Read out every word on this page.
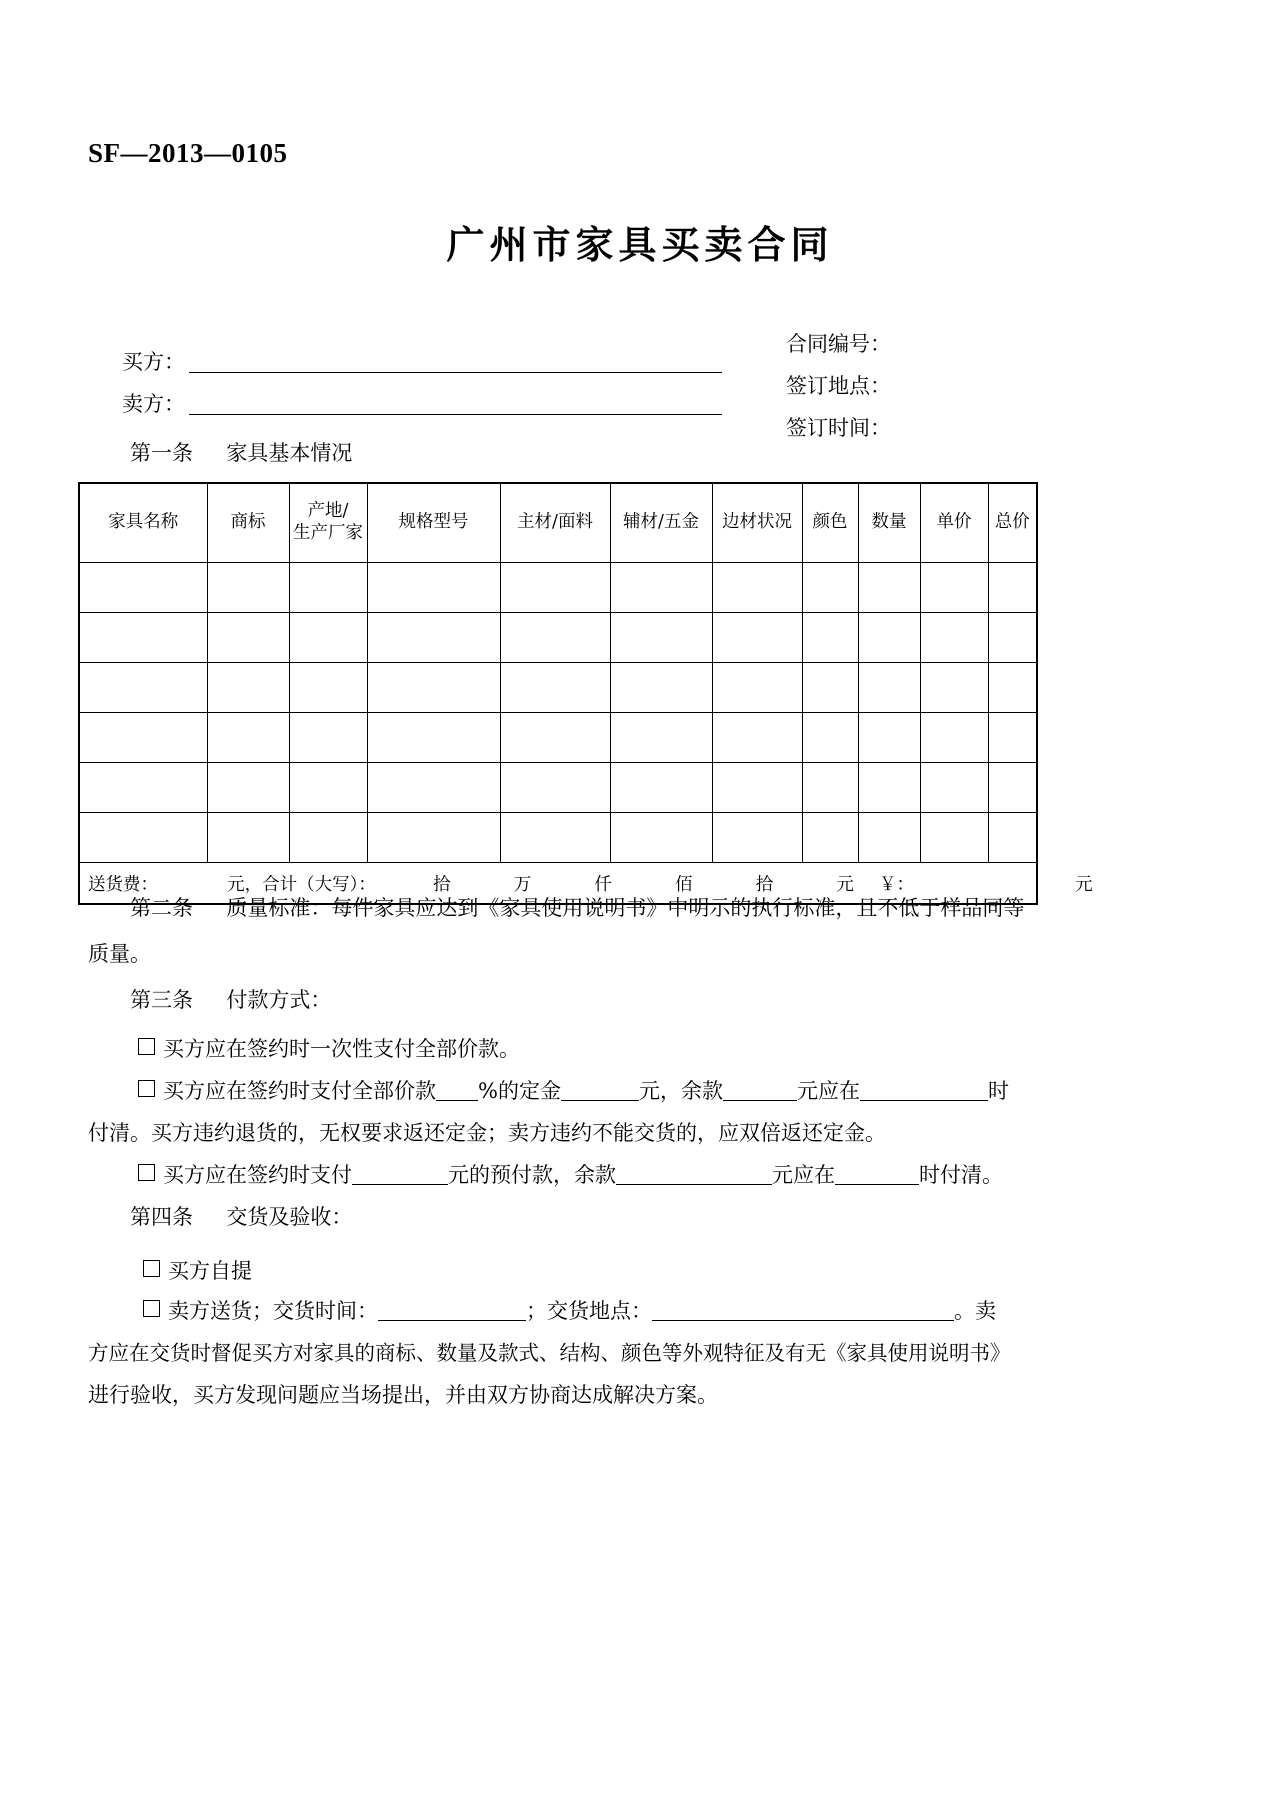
SF—2013—0105
广州市家具买卖合同
买方：
卖方：
合同编号：
签订地点：
签订时间：
第一条 家具基本情况
家具名称	商标	产地/
生产厂家	规格型号	主材/面料	辅材/五金	边材状况	颜色	数量	单价	总价

送货费： 元，合计（大写）： 拾 万 仟 佰 拾 元 ￥： 元										
第二条 质量标准：每件家具应达到《家具使用说明书》中明示的执行标准，且不低于样品同等
质量。
第三条 付款方式：
买方应在签约时一次性支付全部价款。
买方应在签约时支付全部价款 %的定金	元，余款	元应在	时
付清。买方违约退货的，无权要求返还定金；卖方违约不能交货的，应双倍返还定金。
买方应在签约时支付	元的预付款，余款	元应在	时付清。
第四条 交货及验收：
买方自提
卖方送货；交货时间：	；交货地点：	。卖
方应在交货时督促买方对家具的商标、数量及款式、结构、颜色等外观特征及有无《家具使用说明书》
进行验收，买方发现问题应当场提出，并由双方协商达成解决方案。
